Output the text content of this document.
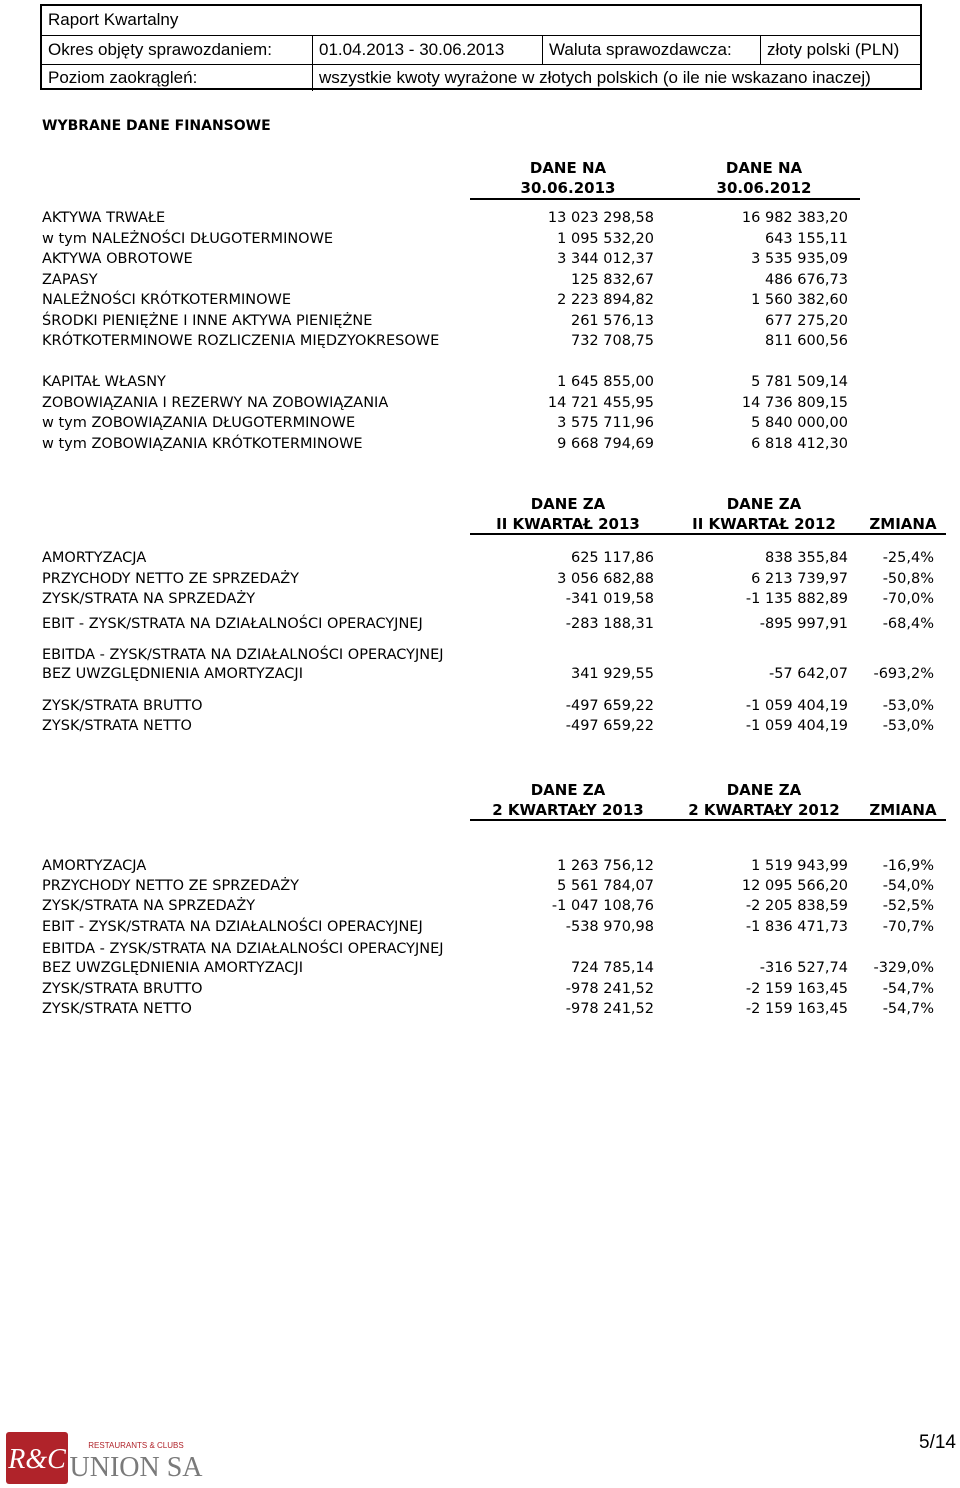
Raport Kwartalny
Okres objęty sprawozdaniem:	01.04.2013 - 30.06.2013	Waluta sprawozdawcza:	złoty polski (PLN)
Poziom zaokrągleń:	wszystkie kwoty wyrażone w złotych polskich (o ile nie wskazano inaczej)
WYBRANE DANE FINANSOWE
DANE NA
30.06.2013
DANE NA
30.06.2012
AKTYWA TRWAŁE	13 023 298,58	16 982 383,20
w tym NALEŻNOŚCI DŁUGOTERMINOWE	1 095 532,20	643 155,11
AKTYWA OBROTOWE	3 344 012,37	3 535 935,09
ZAPASY	125 832,67	486 676,73
NALEŻNOŚCI KRÓTKOTERMINOWE	2 223 894,82	1 560 382,60
ŚRODKI PIENIĘŻNE I INNE AKTYWA PIENIĘŻNE	261 576,13	677 275,20
KRÓTKOTERMINOWE ROZLICZENIA MIĘDZYOKRESOWE	732 708,75	811 600,56
KAPITAŁ WŁASNY	1 645 855,00	5 781 509,14
ZOBOWIĄZANIA I REZERWY NA ZOBOWIĄZANIA	14 721 455,95	14 736 809,15
w tym ZOBOWIĄZANIA DŁUGOTERMINOWE	3 575 711,96	5 840 000,00
w tym ZOBOWIĄZANIA KRÓTKOTERMINOWE	9 668 794,69	6 818 412,30
DANE ZA
II KWARTAŁ 2013
DANE ZA
II KWARTAŁ 2012	ZMIANA
AMORTYZACJA	625 117,86	838 355,84 -25,4%
PRZYCHODY NETTO ZE SPRZEDAŻY	3 056 682,88	6 213 739,97 -50,8%
ZYSK/STRATA NA SPRZEDAŻY	-341 019,58	-1 135 882,89 -70,0%
EBIT - ZYSK/STRATA NA DZIAŁALNOŚCI OPERACYJNEJ	-283 188,31	-895 997,91 -68,4%
EBITDA - ZYSK/STRATA NA DZIAŁALNOŚCI OPERACYJNEJ
BEZ UWZGLĘDNIENIA AMORTYZACJI	341 929,55	-57 642,07 -693,2%
ZYSK/STRATA BRUTTO	-497 659,22	-1 059 404,19 -53,0%
ZYSK/STRATA NETTO	-497 659,22	-1 059 404,19 -53,0%
DANE ZA
2 KWARTAŁY 2013
DANE ZA
2 KWARTAŁY 2012	ZMIANA
AMORTYZACJA	1 263 756,12	1 519 943,99 -16,9%
PRZYCHODY NETTO ZE SPRZEDAŻY	5 561 784,07	12 095 566,20 -54,0%
ZYSK/STRATA NA SPRZEDAŻY	-1 047 108,76	-2 205 838,59 -52,5%
EBIT - ZYSK/STRATA NA DZIAŁALNOŚCI OPERACYJNEJ	-538 970,98	-1 836 471,73 -70,7%
EBITDA - ZYSK/STRATA NA DZIAŁALNOŚCI OPERACYJNEJ
BEZ UWZGLĘDNIENIA AMORTYZACJI	724 785,14	-316 527,74 -329,0%
ZYSK/STRATA BRUTTO	-978 241,52	-2 159 163,45 -54,7%
ZYSK/STRATA NETTO	-978 241,52	-2 159 163,45 -54,7%
R&C	RESTAURANTS & CLUBS
UNION SA
5/14
